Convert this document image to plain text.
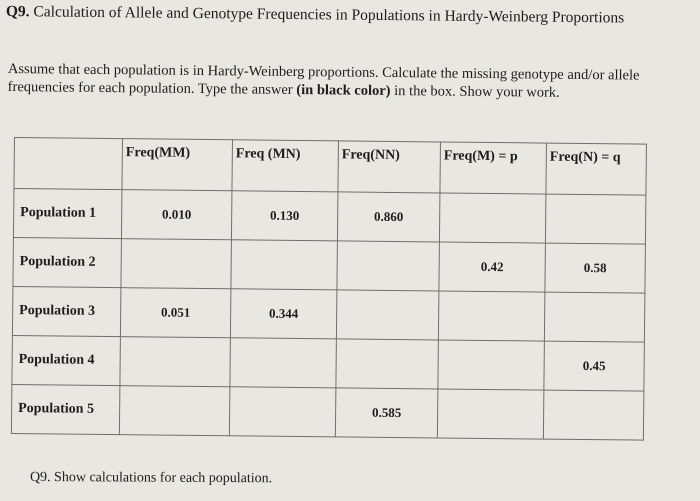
Q9. Calculation of Allele and Genotype Frequencies in Populations in Hardy-Weinberg Proportions
Assume that each population is in Hardy-Weinberg proportions. Calculate the missing genotype and/or allele frequencies for each population. Type the answer (in black color) in the box. Show your work.
	Freq(MM)	Freq (MN)	Freq(NN)	Freq(M) = p	Freq(N) = q
Population 1	0.010	0.130	0.860		
Population 2				0.42	0.58
Population 3	0.051	0.344			
Population 4					0.45
Population 5			0.585		
Q9. Show calculations for each population.
